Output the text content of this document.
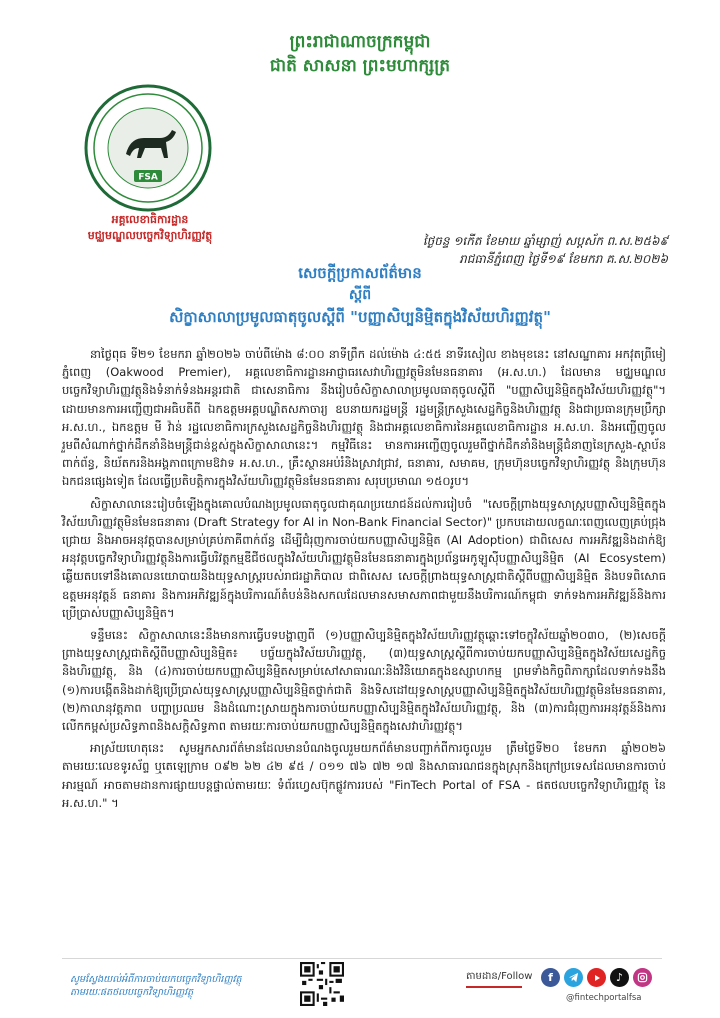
ព្រះរាជាណាចក្រកម្ពុជា
ជាតិ សាសនា ព្រះមហាក្សត្រ
FSA
អគ្គលេខាធិការដ្ឋាន
មជ្ឈមណ្ឌលបច្ចេកវិទ្យាហិរញ្ញវត្ថុ	ថ្ងៃចន្ទ ១កើត ខែមាឃ ឆ្នាំម្សាញ់ សប្តស័ក ព.ស.២៥៦៩
រាជធានីភ្នំពេញ ថ្ងៃទី១៩ ខែមករា គ.ស.២០២៦
សេចក្តីប្រកាសព័ត៌មាន
ស្តីពី
សិក្ខាសាលាប្រមូលធាតុចូលស្តីពី "បញ្ញាសិប្បនិម្មិតក្នុងវិស័យហិរញ្ញវត្ថុ"

នាថ្ងៃពុធ ទី២១ ខែមករា ឆ្នាំ២០២៦ ចាប់ពីម៉ោង ៨:០០ នាទីព្រឹក ដល់ម៉ោង ៤:៥៥ នាទីរសៀល ខាងមុខនេះ នៅសណ្ឋាគារ អកវុតព្រីមៀ ភ្នំពេញ (Oakwood Premier), អគ្គលេខាធិការដ្ឋានអាជ្ញាធរសេវាហិរញ្ញវត្ថុមិនមែនធនាគារ (អ.ស.ហ.) ដែលមាន មជ្ឈមណ្ឌលបច្ចេកវិទ្យាហិរញ្ញវត្ថុនិងទំនាក់ទំនងអន្តរជាតិ ជាសេនាធិការ នឹងរៀបចំសិក្ខាសាលាប្រមូលធាតុចូលស្តីពី "បញ្ញាសិប្បនិម្មិតក្នុងវិស័យហិរញ្ញវត្ថុ"។ ដោយមានការអញ្ជើញជាអធិបតីពី ឯកឧត្តមអគ្គបណ្ឌិតសភាចារ្យ ឧបនាយករដ្ឋមន្ត្រី រដ្ឋមន្ត្រីក្រសួងសេដ្ឋកិច្ចនិងហិរញ្ញវត្ថុ និងជាប្រធានក្រុមប្រឹក្សា អ.ស.ហ., ឯកឧត្តម មី វ៉ាន់ រដ្ឋលេខាធិការក្រសួងសេដ្ឋកិច្ចនិងហិរញ្ញវត្ថុ និងជាអគ្គលេខាធិការនៃអគ្គលេខាធិការដ្ឋាន អ.ស.ហ. និងអញ្ជើញចូលរួមពីសំណាក់ថ្នាក់ដឹកនាំនិងមន្ត្រីជាន់ខ្ពស់ក្នុងសិក្ខាសាលានេះ។ កម្មវិធីនេះ មានការអញ្ជើញចូលរួមពីថ្នាក់ដឹកនាំនិងមន្ត្រីជំនាញនៃក្រសួង-ស្ថាប័នពាក់ព័ន្ធ, និយ័តករនិងអង្គភាពក្រោមឱវាទ អ.ស.ហ., គ្រឹះស្ថានអប់រំនិងស្រាវជ្រាវ, ធនាគារ, សមាគម, ក្រុមហ៊ុនបច្ចេកវិទ្យាហិរញ្ញវត្ថុ និងក្រុមហ៊ុនឯកជនផ្សេងទៀត ដែលធ្វើប្រតិបត្តិការក្នុងវិស័យហិរញ្ញវត្ថុមិនមែនធនាគារ សរុបប្រមាណ ១៥០រូប។

សិក្ខាសាលានេះរៀបចំឡើងក្នុងគោលបំណងប្រមូលធាតុចូលជាគុណប្រយោជន៍ដល់ការរៀបចំ "សេចក្តីព្រាងយុទ្ធសាស្ត្របញ្ញាសិប្បនិម្មិតក្នុងវិស័យហិរញ្ញវត្ថុមិនមែនធនាគារ (Draft Strategy for AI in Non-Bank Financial Sector)" ប្រកបដោយលក្ខណៈពេញលេញគ្រប់ជ្រុងជ្រោយ និងអាចអនុវត្តបានសម្រាប់គ្រប់ភាគីពាក់ព័ន្ធ ដើម្បីជំរុញការចាប់យកបញ្ញាសិប្បនិម្មិត (AI Adoption) ជាពិសេស ការអភិវឌ្ឍនិងដាក់ឱ្យអនុវត្តបច្ចេកវិទ្យាហិរញ្ញវត្ថុនិងការធ្វើបរិវត្តកម្មឌីជីថលក្នុងវិស័យហិរញ្ញវត្ថុមិនមែនធនាគារក្នុងប្រព័ន្ធអេកូឡូស៊ីបញ្ញាសិប្បនិម្មិត (AI Ecosystem) ឆ្លើយតបទៅនឹងគោលនយោបាយនិងយុទ្ធសាស្ត្ររបស់រាជរដ្ឋាភិបាល ជាពិសេស សេចក្តីព្រាងយុទ្ធសាស្ត្រជាតិស្តីពីបញ្ញាសិប្បនិម្មិត និងបទពិសោធ ឧត្តមអនុវត្តន៍ ធនាគារ និងការអភិវឌ្ឍន៍ក្នុងបរិការណ៍តំបន់និងសកលដែលមានសមាសភាពជាមួយនឹងបរិការណ៍កម្ពុជា ទាក់ទងការអភិវឌ្ឍន៍និងការប្រើប្រាស់បញ្ញាសិប្បនិម្មិត។

ទន្ទឹមនេះ សិក្ខាសាលានេះនឹងមានការធ្វើបទបង្ហាញពី (១)បញ្ញាសិប្បនិម្មិតក្នុងវិស័យហិរញ្ញវត្ថុឆ្ពោះទៅចក្ខុវិស័យឆ្នាំ២០៣០, (២)សេចក្តីព្រាងយុទ្ធសាស្ត្រជាតិស្តីពីបញ្ញាសិប្បនិម្មិត៖ បច្ច័យក្នុងវិស័យហិរញ្ញវត្ថុ, (៣)យុទ្ធសាស្ត្រស្តីពីការចាប់យកបញ្ញាសិប្បនិម្មិតក្នុងវិស័យសេដ្ឋកិច្ចនិងហិរញ្ញវត្ថុ, និង (៤)ការចាប់យកបញ្ញាសិប្បនិម្មិតសម្រាប់សៅសាធារណៈនិងវិនិយោគក្នុងឧស្សាហកម្ម ព្រមទាំងកិច្ចពិភាក្សាដែលទាក់ទងនឹង (១)ការបង្កើតនិងដាក់ឱ្យប្រើប្រាស់យុទ្ធសាស្ត្របញ្ញាសិប្បនិម្មិតថ្នាក់ជាតិ និងទិសដៅយុទ្ធសាស្ត្របញ្ញាសិប្បនិម្មិតក្នុងវិស័យហិរញ្ញវត្ថុមិនមែនធនាគារ, (២)កាលានុវត្តភាព បញ្ហាប្រឈម និងដំណោះស្រាយក្នុងការចាប់យកបញ្ញាសិប្បនិម្មិតក្នុងវិស័យហិរញ្ញវត្ថុ, និង (៣)ការជំរុញការអនុវត្តន៍និងការលើកកម្ពស់ប្រសិទ្ធភាពនិងសក្តិសិទ្ធភាព តាមរយៈការចាប់យកបញ្ញាសិប្បនិម្មិតក្នុងសេវាហិរញ្ញវត្ថុ។

អាស្រ័យហេតុនេះ សូមអ្នកសារព័ត៌មានដែលមានបំណងចូលរួមយកព័ត៌មានបញ្ជាក់ពីការចូលរួម ត្រឹមថ្ងៃទី២០ ខែមករា ឆ្នាំ២០២៦ តាមរយៈលេខទូរស័ព្ទ ឬតេឡេក្រាម ០៩២ ៦២ ៤២ ៩៥ / ០១១ ៧៦ ៧២ ១៧ និងសាធារណជនក្នុងស្រុកនិងក្រៅប្រទេសដែលមានការចាប់អារម្មណ៍ អាចតាមដានការផ្សាយបន្តផ្ទាល់តាមរយៈ ទំព័រហ្វេសប៊ុកផ្លូវការរបស់ "FinTech Portal of FSA - ផតថលបច្ចេកវិទ្យាហិរញ្ញវត្ថុ នៃ អ.ស.ហ." ។

សូមស្វែងយល់អំពីការចាប់យកបច្ចេកវិទ្យាហិរញ្ញវត្ថុ តាមរយៈផតថលបច្ចេកវិទ្យាហិរញ្ញវត្ថុ
តាមដាន/Follow	f	♪
@fintechportalfsa
